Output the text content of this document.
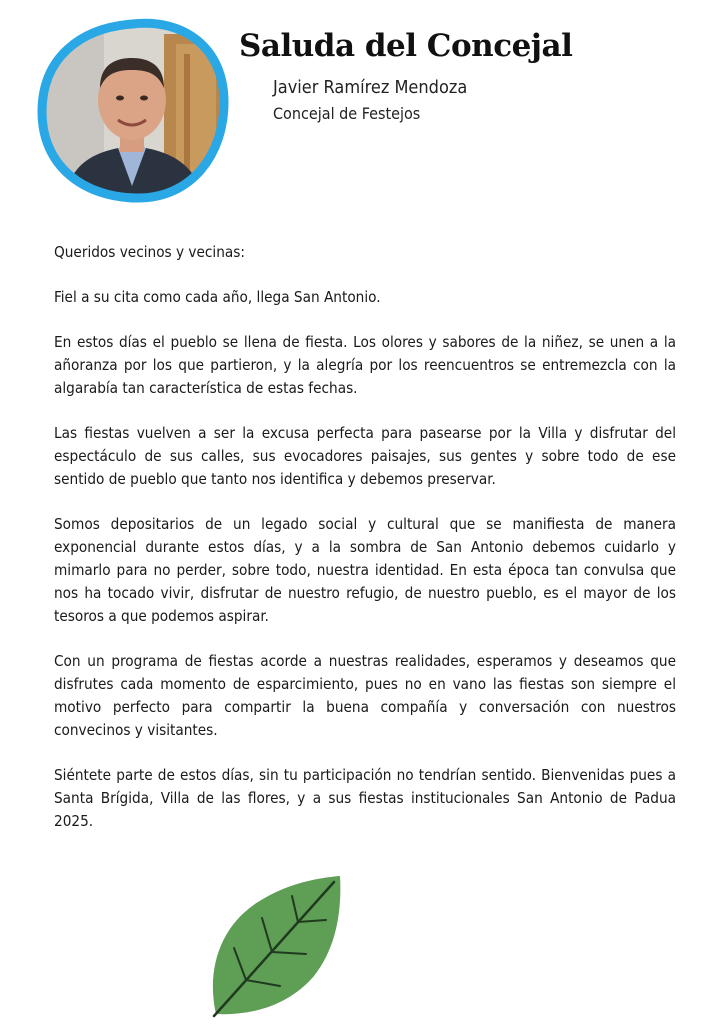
Saluda del Concejal
Javier Ramírez Mendoza
Concejal de Festejos

Queridos vecinos y vecinas:

Fiel a su cita como cada año, llega San Antonio.

En estos días el pueblo se llena de fiesta. Los olores y sabores de la niñez, se unen a la añoranza por los que partieron, y la alegría por los reencuentros se entremezcla con la algarabía tan característica de estas fechas.

Las fiestas vuelven a ser la excusa perfecta para pasearse por la Villa y disfrutar del espectáculo de sus calles, sus evocadores paisajes, sus gentes y sobre todo de ese sentido de pueblo que tanto nos identifica y debemos preservar.

Somos depositarios de un legado social y cultural que se manifiesta de manera exponencial durante estos días, y a la sombra de San Antonio debemos cuidarlo y mimarlo para no perder, sobre todo, nuestra identidad. En esta época tan convulsa que nos ha tocado vivir, disfrutar de nuestro refugio, de nuestro pueblo, es el mayor de los tesoros a que podemos aspirar.

Con un programa de fiestas acorde a nuestras realidades, esperamos y deseamos que disfrutes cada momento de esparcimiento, pues no en vano las fiestas son siempre el motivo perfecto para compartir la buena compañía y conversación con nuestros convecinos y visitantes.

Siéntete parte de estos días, sin tu participación no tendrían sentido. Bienvenidas pues a Santa Brígida, Villa de las flores, y a sus fiestas institucionales San Antonio de Padua 2025.
